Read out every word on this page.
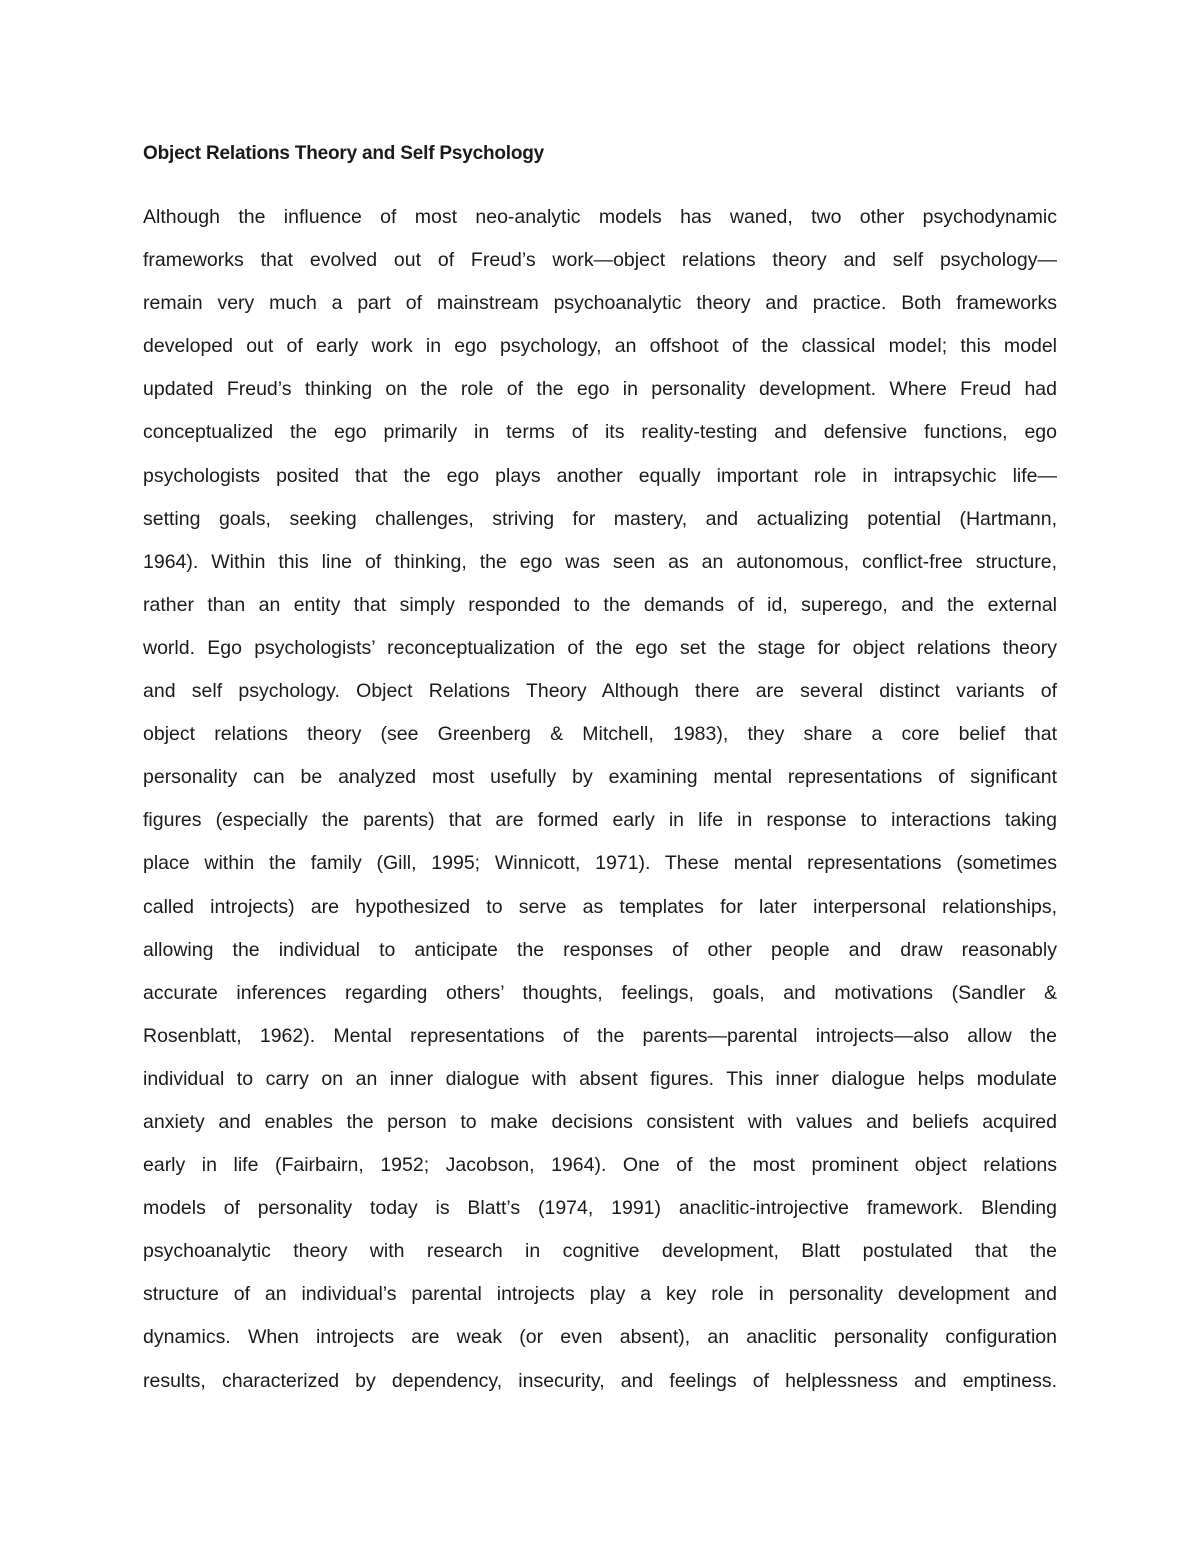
Object Relations Theory and Self Psychology
Although the influence of most neo-analytic models has waned, two other psychodynamic
frameworks that evolved out of Freud’s work—object relations theory and self psychology—
remain very much a part of mainstream psychoanalytic theory and practice. Both frameworks
developed out of early work in ego psychology, an offshoot of the classical model; this model
updated Freud’s thinking on the role of the ego in personality development. Where Freud had
conceptualized the ego primarily in terms of its reality-testing and defensive functions, ego
psychologists posited that the ego plays another equally important role in intrapsychic life—
setting goals, seeking challenges, striving for mastery, and actualizing potential (Hartmann,
1964). Within this line of thinking, the ego was seen as an autonomous, conflict-free structure,
rather than an entity that simply responded to the demands of id, superego, and the external
world. Ego psychologists’ reconceptualization of the ego set the stage for object relations theory
and self psychology. Object Relations Theory Although there are several distinct variants of
object relations theory (see Greenberg & Mitchell, 1983), they share a core belief that
personality can be analyzed most usefully by examining mental representations of significant
figures (especially the parents) that are formed early in life in response to interactions taking
place within the family (Gill, 1995; Winnicott, 1971). These mental representations (sometimes
called introjects) are hypothesized to serve as templates for later interpersonal relationships,
allowing the individual to anticipate the responses of other people and draw reasonably
accurate inferences regarding others’ thoughts, feelings, goals, and motivations (Sandler &
Rosenblatt, 1962). Mental representations of the parents—parental introjects—also allow the
individual to carry on an inner dialogue with absent figures. This inner dialogue helps modulate
anxiety and enables the person to make decisions consistent with values and beliefs acquired
early in life (Fairbairn, 1952; Jacobson, 1964). One of the most prominent object relations
models of personality today is Blatt’s (1974, 1991) anaclitic-introjective framework. Blending
psychoanalytic theory with research in cognitive development, Blatt postulated that the
structure of an individual’s parental introjects play a key role in personality development and
dynamics. When introjects are weak (or even absent), an anaclitic personality configuration
results, characterized by dependency, insecurity, and feelings of helplessness and emptiness.
